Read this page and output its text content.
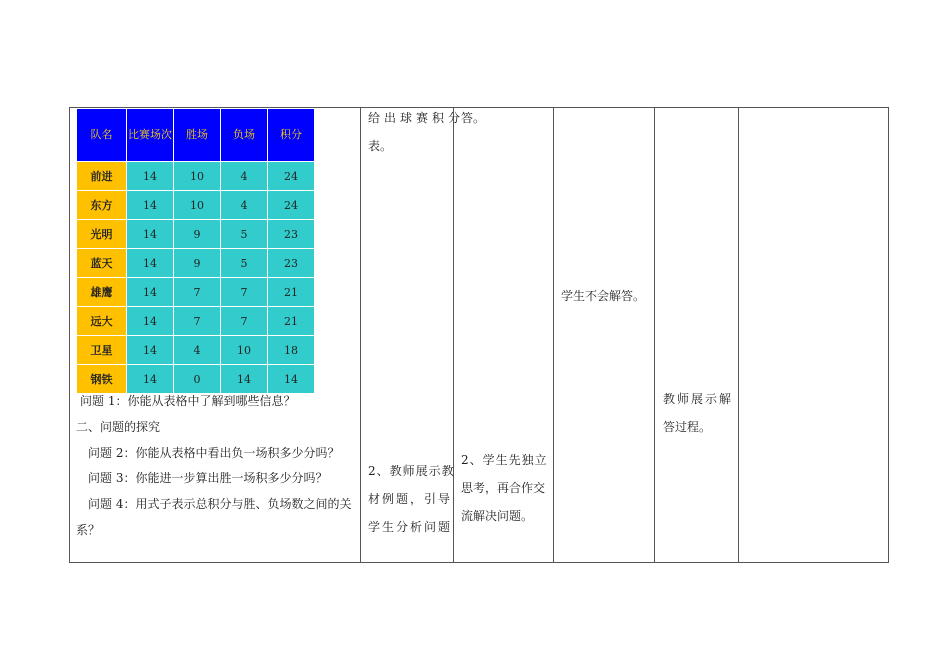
队名	比赛场次	胜场	负场	积分
前进	14	10	4	24
东方	14	10	4	24
光明	14	9	5	23
蓝天	14	9	5	23
雄鹰	14	7	7	21
远大	14	7	7	21
卫星	14	4	10	18
钢铁	14	0	14	14
问题 1：你能从表格中了解到哪些信息？
二、问题的探究
问题 2：你能从表格中看出负一场积多少分吗？
问题 3：你能进一步算出胜一场积多少分吗？
问题 4：用式子表示总积分与胜、负场数之间的关
系？
给出球赛积分
表。
2、教师展示教
材例题，引导
学生分析问题
答。
2、学生先独立
思考，再合作交
流解决问题。
学生不会解答。
教师展示解
答过程。
